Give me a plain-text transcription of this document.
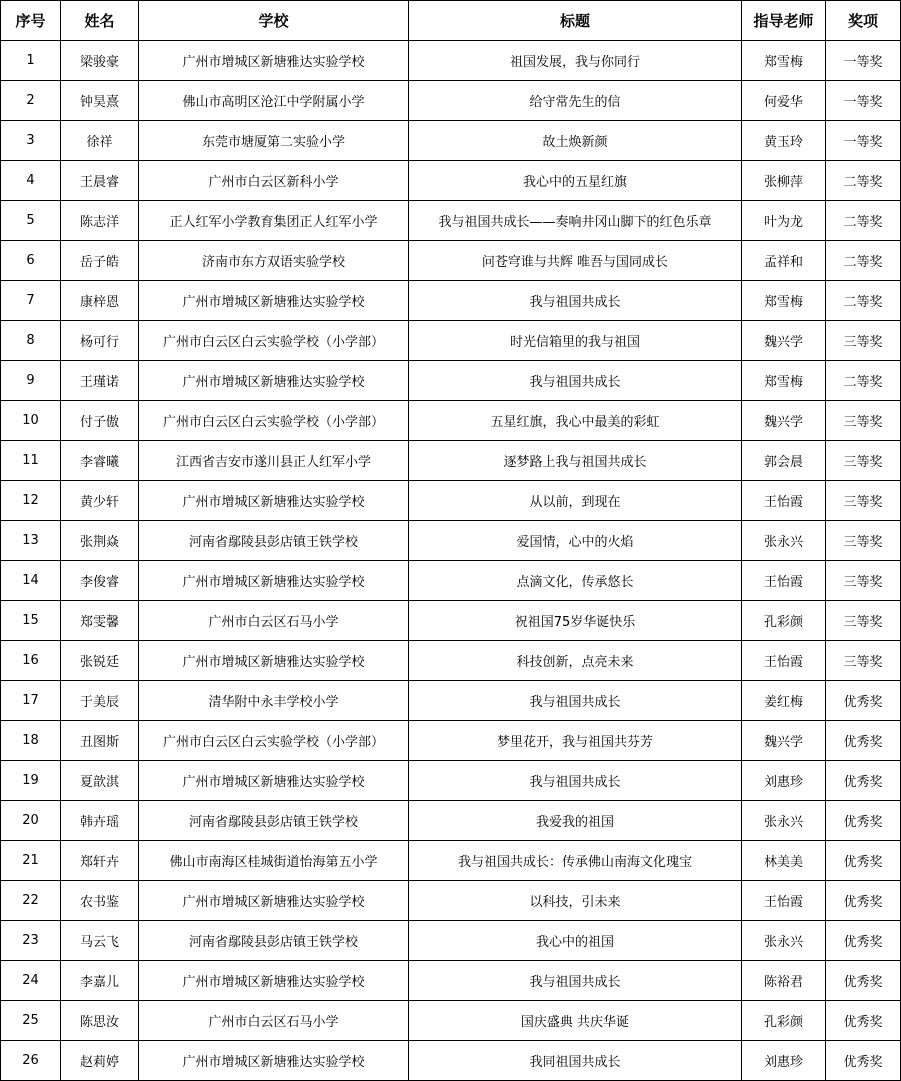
序号	姓名	学校	标题	指导老师	奖项
1	梁骏豪	广州市增城区新塘雅达实验学校	祖国发展，我与你同行	郑雪梅	一等奖
2	钟昊熹	佛山市高明区沧江中学附属小学	给守常先生的信	何爱华	一等奖
3	徐祥	东莞市塘厦第二实验小学	故土焕新颜	黄玉玲	一等奖
4	王晨睿	广州市白云区新科小学	我心中的五星红旗	张柳萍	二等奖
5	陈志洋	正人红军小学教育集团正人红军小学	我与祖国共成长——奏响井冈山脚下的红色乐章	叶为龙	二等奖
6	岳子皓	济南市东方双语实验学校	问苍穹谁与共辉 唯吾与国同成长	孟祥和	二等奖
7	康梓恩	广州市增城区新塘雅达实验学校	我与祖国共成长	郑雪梅	二等奖
8	杨可行	广州市白云区白云实验学校（小学部）	时光信箱里的我与祖国	魏兴学	三等奖
9	王瑾诺	广州市增城区新塘雅达实验学校	我与祖国共成长	郑雪梅	二等奖
10	付子傲	广州市白云区白云实验学校（小学部）	五星红旗，我心中最美的彩虹	魏兴学	三等奖
11	李睿曦	江西省吉安市遂川县正人红军小学	逐梦路上我与祖国共成长	郭会晨	三等奖
12	黄少轩	广州市增城区新塘雅达实验学校	从以前，到现在	王怡霞	三等奖
13	张荆焱	河南省鄢陵县彭店镇王铁学校	爱国情，心中的火焰	张永兴	三等奖
14	李俊睿	广州市增城区新塘雅达实验学校	点滴文化，传承悠长	王怡霞	三等奖
15	郑雯馨	广州市白云区石马小学	祝祖国75岁华诞快乐	孔彩颜	三等奖
16	张锐廷	广州市增城区新塘雅达实验学校	科技创新，点亮未来	王怡霞	三等奖
17	于美辰	清华附中永丰学校小学	我与祖国共成长	姜红梅	优秀奖
18	丑图斯	广州市白云区白云实验学校（小学部）	梦里花开，我与祖国共芬芳	魏兴学	优秀奖
19	夏歆淇	广州市增城区新塘雅达实验学校	我与祖国共成长	刘惠珍	优秀奖
20	韩卉瑶	河南省鄢陵县彭店镇王铁学校	我爱我的祖国	张永兴	优秀奖
21	郑轩卉	佛山市南海区桂城街道怡海第五小学	我与祖国共成长：传承佛山南海文化瑰宝	林美美	优秀奖
22	农书鉴	广州市增城区新塘雅达实验学校	以科技，引未来	王怡霞	优秀奖
23	马云飞	河南省鄢陵县彭店镇王铁学校	我心中的祖国	张永兴	优秀奖
24	李嘉儿	广州市增城区新塘雅达实验学校	我与祖国共成长	陈裕君	优秀奖
25	陈思汝	广州市白云区石马小学	国庆盛典 共庆华诞	孔彩颜	优秀奖
26	赵莉婷	广州市增城区新塘雅达实验学校	我同祖国共成长	刘惠珍	优秀奖
